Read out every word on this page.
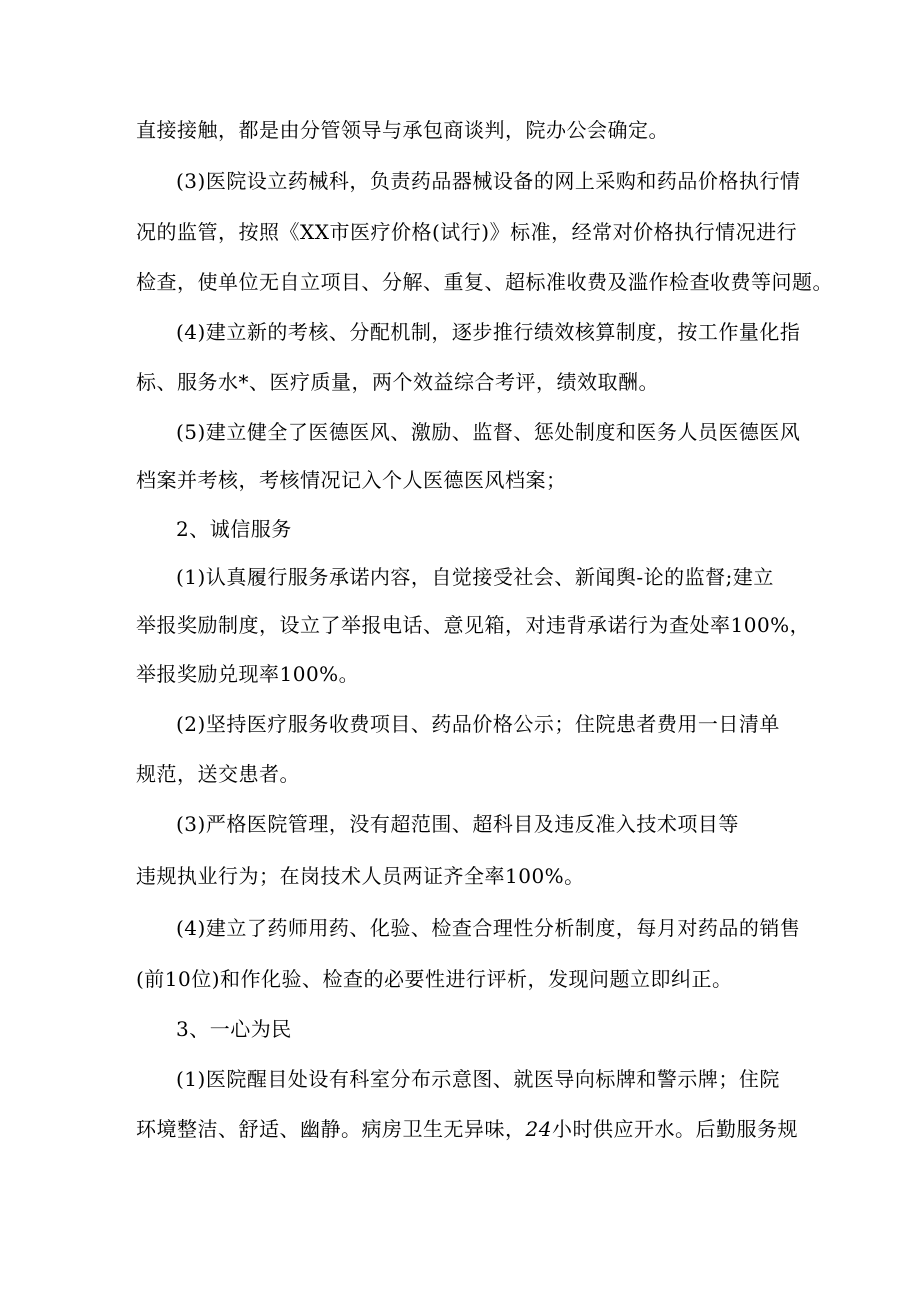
直接接触，都是由分管领导与承包商谈判，院办公会确定。
(3)医院设立药械科，负责药品器械设备的网上采购和药品价格执行情
况的监管，按照《XX市医疗价格(试行)》标准，经常对价格执行情况进行
检查，使单位无自立项目、分解、重复、超标准收费及滥作检查收费等问题。
(4)建立新的考核、分配机制，逐步推行绩效核算制度，按工作量化指
标、服务水*、医疗质量，两个效益综合考评，绩效取酬。
(5)建立健全了医德医风、激励、监督、惩处制度和医务人员医德医风
档案并考核，考核情况记入个人医德医风档案；
2、诚信服务
(1)认真履行服务承诺内容，自觉接受社会、新闻舆-论的监督;建立
举报奖励制度，设立了举报电话、意见箱，对违背承诺行为查处率100%，
举报奖励兑现率100%。
(2)坚持医疗服务收费项目、药品价格公示；住院患者费用一日清单
规范，送交患者。
(3)严格医院管理，没有超范围、超科目及违反准入技术项目等
违规执业行为；在岗技术人员两证齐全率100%。
(4)建立了药师用药、化验、检查合理性分析制度，每月对药品的销售
(前10位)和作化验、检查的必要性进行评析，发现问题立即纠正。
3、一心为民
(1)医院醒目处设有科室分布示意图、就医导向标牌和警示牌；住院
环境整洁、舒适、幽静。病房卫生无异味，24小时供应开水。后勤服务规
